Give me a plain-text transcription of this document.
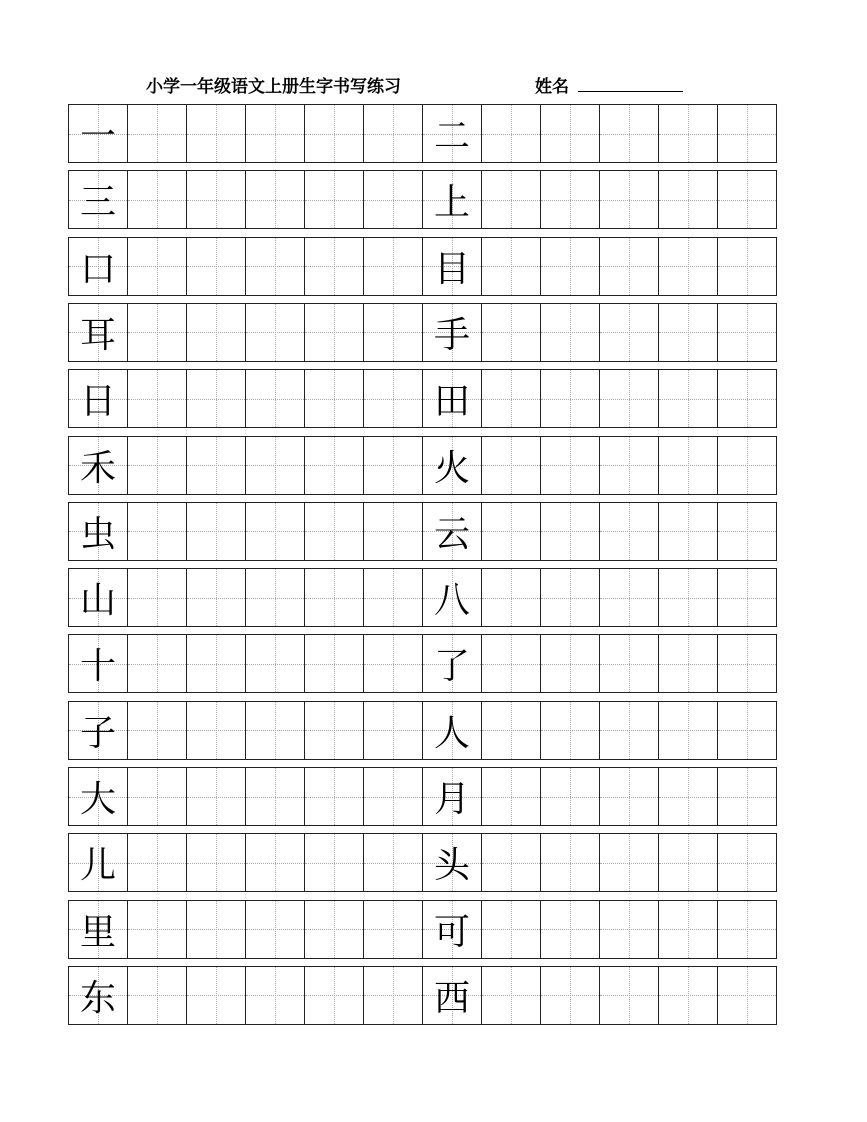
小学一年级语文上册生字书写练习	姓名
一	二
三	上
口	目
耳	手
日	田
禾	火
虫	云
山	八
十	了
子	人
大	月
儿	头
里	可
东	西
